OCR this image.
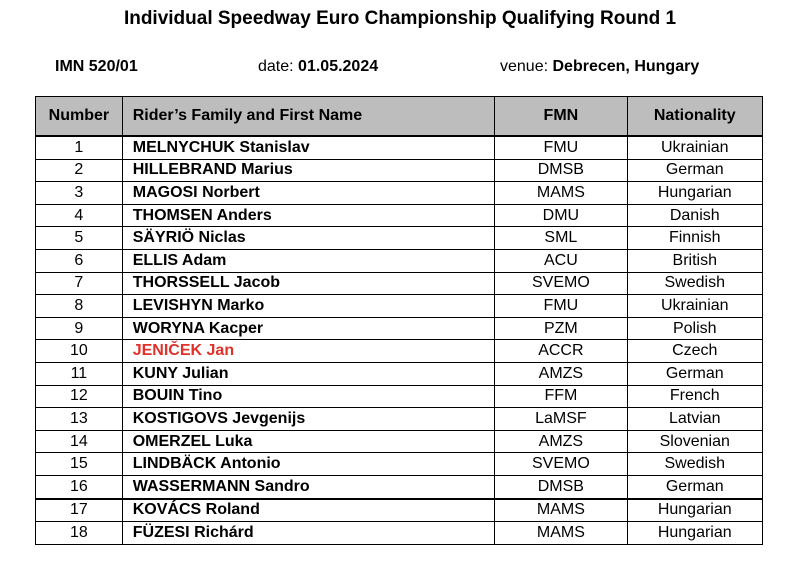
Individual Speedway Euro Championship Qualifying Round 1
IMN 520/01	date: 01.05.2024	venue: Debrecen, Hungary
Number	Rider’s Family and First Name	FMN	Nationality
1	MELNYCHUK Stanislav	FMU	Ukrainian
2	HILLEBRAND Marius	DMSB	German
3	MAGOSI Norbert	MAMS	Hungarian
4	THOMSEN Anders	DMU	Danish
5	SÄYRIÖ Niclas	SML	Finnish
6	ELLIS Adam	ACU	British
7	THORSSELL Jacob	SVEMO	Swedish
8	LEVISHYN Marko	FMU	Ukrainian
9	WORYNA Kacper	PZM	Polish
10	JENIČEK Jan	ACCR	Czech
11	KUNY Julian	AMZS	German
12	BOUIN Tino	FFM	French
13	KOSTIGOVS Jevgenijs	LaMSF	Latvian
14	OMERZEL Luka	AMZS	Slovenian
15	LINDBÄCK Antonio	SVEMO	Swedish
16	WASSERMANN Sandro	DMSB	German
17	KOVÁCS Roland	MAMS	Hungarian
18	FÜZESI Richárd	MAMS	Hungarian
